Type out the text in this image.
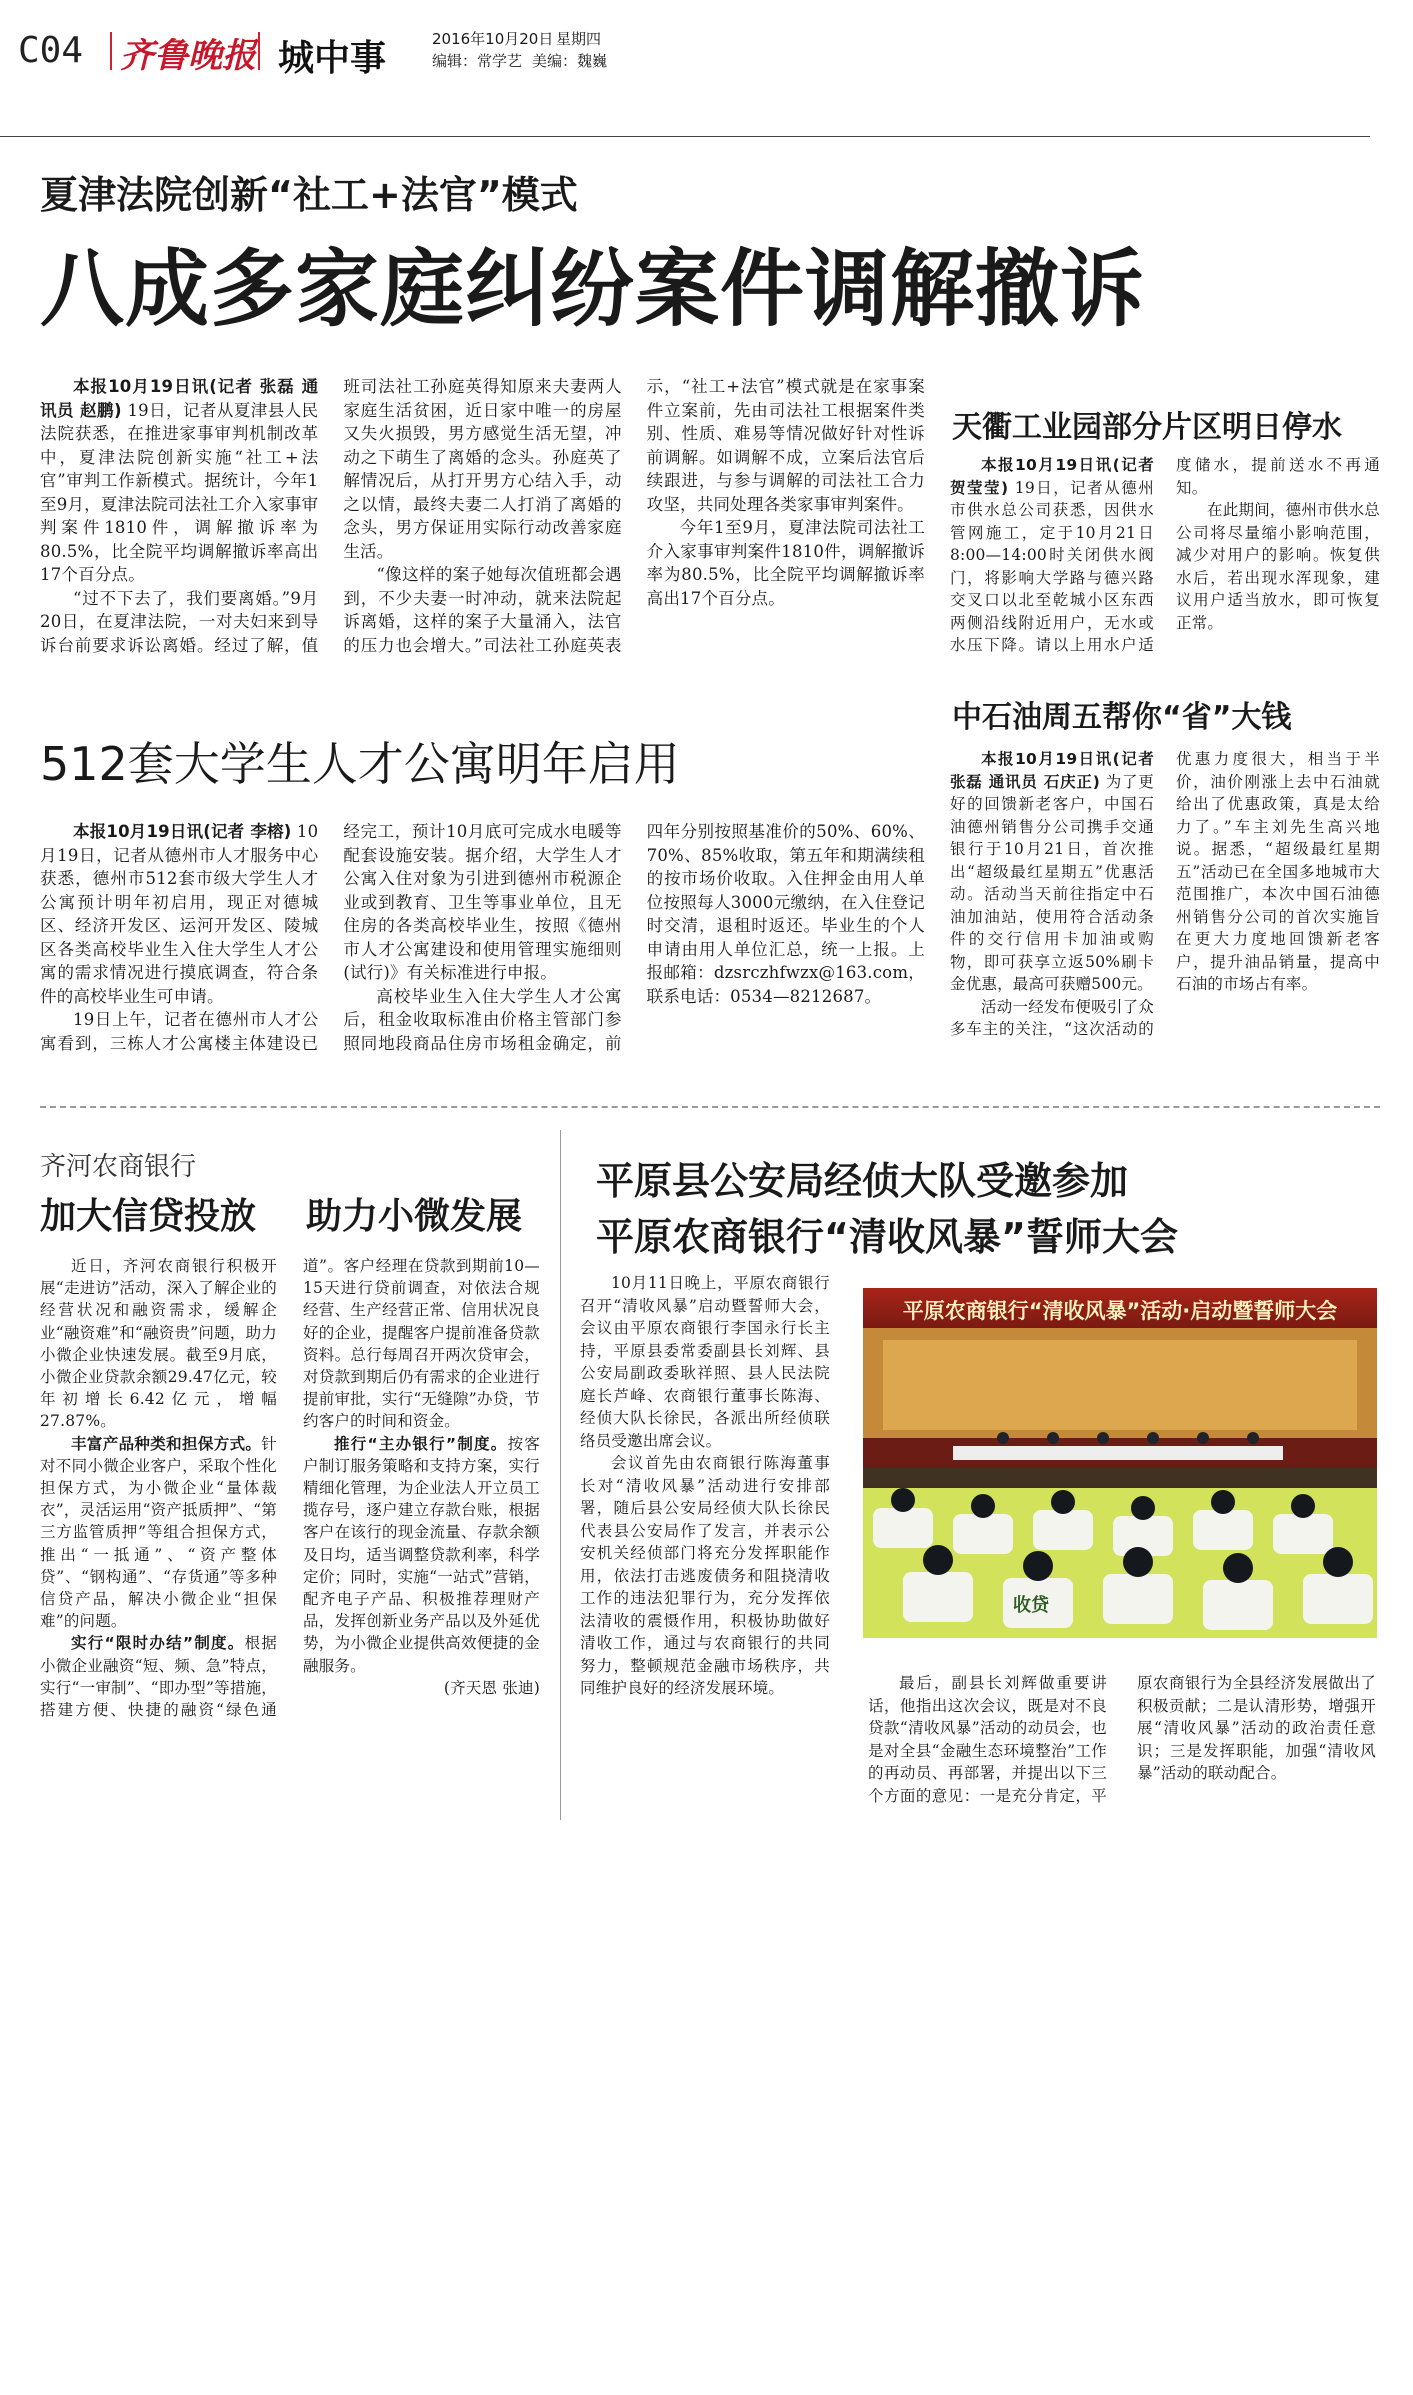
C04 齐鲁晚报 城中事	2016年10月20日 星期四
编辑：常学艺 美编：魏巍
夏津法院创新“社工+法官”模式
八成多家庭纠纷案件调解撤诉

本报10月19日讯(记者 张磊 通讯员 赵鹏) 19日，记者从夏津县人民法院获悉，在推进家事审判机制改革中，夏津法院创新实施“社工+法官”审判工作新模式。据统计，今年1至9月，夏津法院司法社工介入家事审判案件1810件，调解撤诉率为80.5%，比全院平均调解撤诉率高出17个百分点。

“过不下去了，我们要离婚。”9月20日，在夏津法院，一对夫妇来到导诉台前要求诉讼离婚。经过了解，值班司法社工孙庭英得知原来夫妻两人家庭生活贫困，近日家中唯一的房屋又失火损毁，男方感觉生活无望，冲动之下萌生了离婚的念头。孙庭英了解情况后，从打开男方心结入手，动之以情，最终夫妻二人打消了离婚的念头，男方保证用实际行动改善家庭生活。

“像这样的案子她每次值班都会遇到，不少夫妻一时冲动，就来法院起诉离婚，这样的案子大量涌入，法官的压力也会增大。”司法社工孙庭英表示，“社工+法官”模式就是在家事案件立案前，先由司法社工根据案件类别、性质、难易等情况做好针对性诉前调解。如调解不成，立案后法官后续跟进，与参与调解的司法社工合力攻坚，共同处理各类家事审判案件。

今年1至9月，夏津法院司法社工介入家事审判案件1810件，调解撤诉率为80.5%，比全院平均调解撤诉率高出17个百分点。

天衢工业园部分片区明日停水

本报10月19日讯(记者 贺莹莹) 19日，记者从德州市供水总公司获悉，因供水管网施工，定于10月21日8:00—14:00时关闭供水阀门，将影响大学路与德兴路交叉口以北至乾城小区东西两侧沿线附近用户，无水或水压下降。请以上用水户适度储水，提前送水不再通知。

在此期间，德州市供水总公司将尽量缩小影响范围，减少对用户的影响。恢复供水后，若出现水浑现象，建议用户适当放水，即可恢复正常。

512套大学生人才公寓明年启用

本报10月19日讯(记者 李榕) 10月19日，记者从德州市人才服务中心获悉，德州市512套市级大学生人才公寓预计明年初启用，现正对德城区、经济开发区、运河开发区、陵城区各类高校毕业生入住大学生人才公寓的需求情况进行摸底调查，符合条件的高校毕业生可申请。

19日上午，记者在德州市人才公寓看到，三栋人才公寓楼主体建设已经完工，预计10月底可完成水电暖等配套设施安装。据介绍，大学生人才公寓入住对象为引进到德州市税源企业或到教育、卫生等事业单位，且无住房的各类高校毕业生，按照《德州市人才公寓建设和使用管理实施细则(试行)》有关标准进行申报。

高校毕业生入住大学生人才公寓后，租金收取标准由价格主管部门参照同地段商品住房市场租金确定，前四年分别按照基准价的50%、60%、70%、85%收取，第五年和期满续租的按市场价收取。入住押金由用人单位按照每人3000元缴纳，在入住登记时交清，退租时返还。毕业生的个人申请由用人单位汇总，统一上报。上报邮箱：dzsrczhfwzx@163.com，联系电话：0534—8212687。

中石油周五帮你“省”大钱

本报10月19日讯(记者 张磊 通讯员 石庆正) 为了更好的回馈新老客户，中国石油德州销售分公司携手交通银行于10月21日，首次推出“超级最红星期五”优惠活动。活动当天前往指定中石油加油站，使用符合活动条件的交行信用卡加油或购物，即可获享立返50%刷卡金优惠，最高可获赠500元。

活动一经发布便吸引了众多车主的关注，“这次活动的优惠力度很大，相当于半价，油价刚涨上去中石油就给出了优惠政策，真是太给力了。”车主刘先生高兴地说。据悉，“超级最红星期五”活动已在全国多地城市大范围推广，本次中国石油德州销售分公司的首次实施旨在更大力度地回馈新老客户，提升油品销量，提高中石油的市场占有率。

齐河农商银行
加大信贷投放 助力小微发展

近日，齐河农商银行积极开展“走进访”活动，深入了解企业的经营状况和融资需求，缓解企业“融资难”和“融资贵”问题，助力小微企业快速发展。截至9月底，小微企业贷款余额29.47亿元，较年初增长6.42亿元，增幅27.87%。

丰富产品种类和担保方式。针对不同小微企业客户，采取个性化担保方式，为小微企业“量体裁衣”，灵活运用“资产抵质押”、“第三方监管质押”等组合担保方式，推出“一抵通”、“资产整体贷”、“钢构通”、“存货通”等多种信贷产品，解决小微企业“担保难”的问题。

实行“限时办结”制度。根据小微企业融资“短、频、急”特点，实行“一审制”、“即办型”等措施，搭建方便、快捷的融资“绿色通道”。客户经理在贷款到期前10—15天进行贷前调查，对依法合规经营、生产经营正常、信用状况良好的企业，提醒客户提前准备贷款资料。总行每周召开两次贷审会，对贷款到期后仍有需求的企业进行提前审批，实行“无缝隙”办贷，节约客户的时间和资金。

推行“主办银行”制度。按客户制订服务策略和支持方案，实行精细化管理，为企业法人开立员工揽存号，逐户建立存款台账，根据客户在该行的现金流量、存款余额及日均，适当调整贷款利率，科学定价；同时，实施“一站式”营销，配齐电子产品、积极推荐理财产品，发挥创新业务产品以及外延优势，为小微企业提供高效便捷的金融服务。

(齐天恩 张迪)

平原县公安局经侦大队受邀参加
平原农商银行“清收风暴”誓师大会

10月11日晚上，平原农商银行召开“清收风暴”启动暨誓师大会，会议由平原农商银行李国永行长主持，平原县委常委副县长刘辉、县公安局副政委耿祥照、县人民法院庭长芦峰、农商银行董事长陈海、经侦大队长徐民，各派出所经侦联络员受邀出席会议。

会议首先由农商银行陈海董事长对“清收风暴”活动进行安排部署，随后县公安局经侦大队长徐民代表县公安局作了发言，并表示公安机关经侦部门将充分发挥职能作用，依法打击逃废债务和阻挠清收工作的违法犯罪行为，充分发挥依法清收的震慑作用，积极协助做好清收工作，通过与农商银行的共同努力，整顿规范金融市场秩序，共同维护良好的经济发展环境。

平原农商银行“清收风暴”活动·启动暨誓师大会
收贷

最后，副县长刘辉做重要讲话，他指出这次会议，既是对不良贷款“清收风暴”活动的动员会，也是对全县“金融生态环境整治”工作的再动员、再部署，并提出以下三个方面的意见：一是充分肯定，平原农商银行为全县经济发展做出了积极贡献；二是认清形势，增强开展“清收风暴”活动的政治责任意识；三是发挥职能，加强“清收风暴”活动的联动配合。
